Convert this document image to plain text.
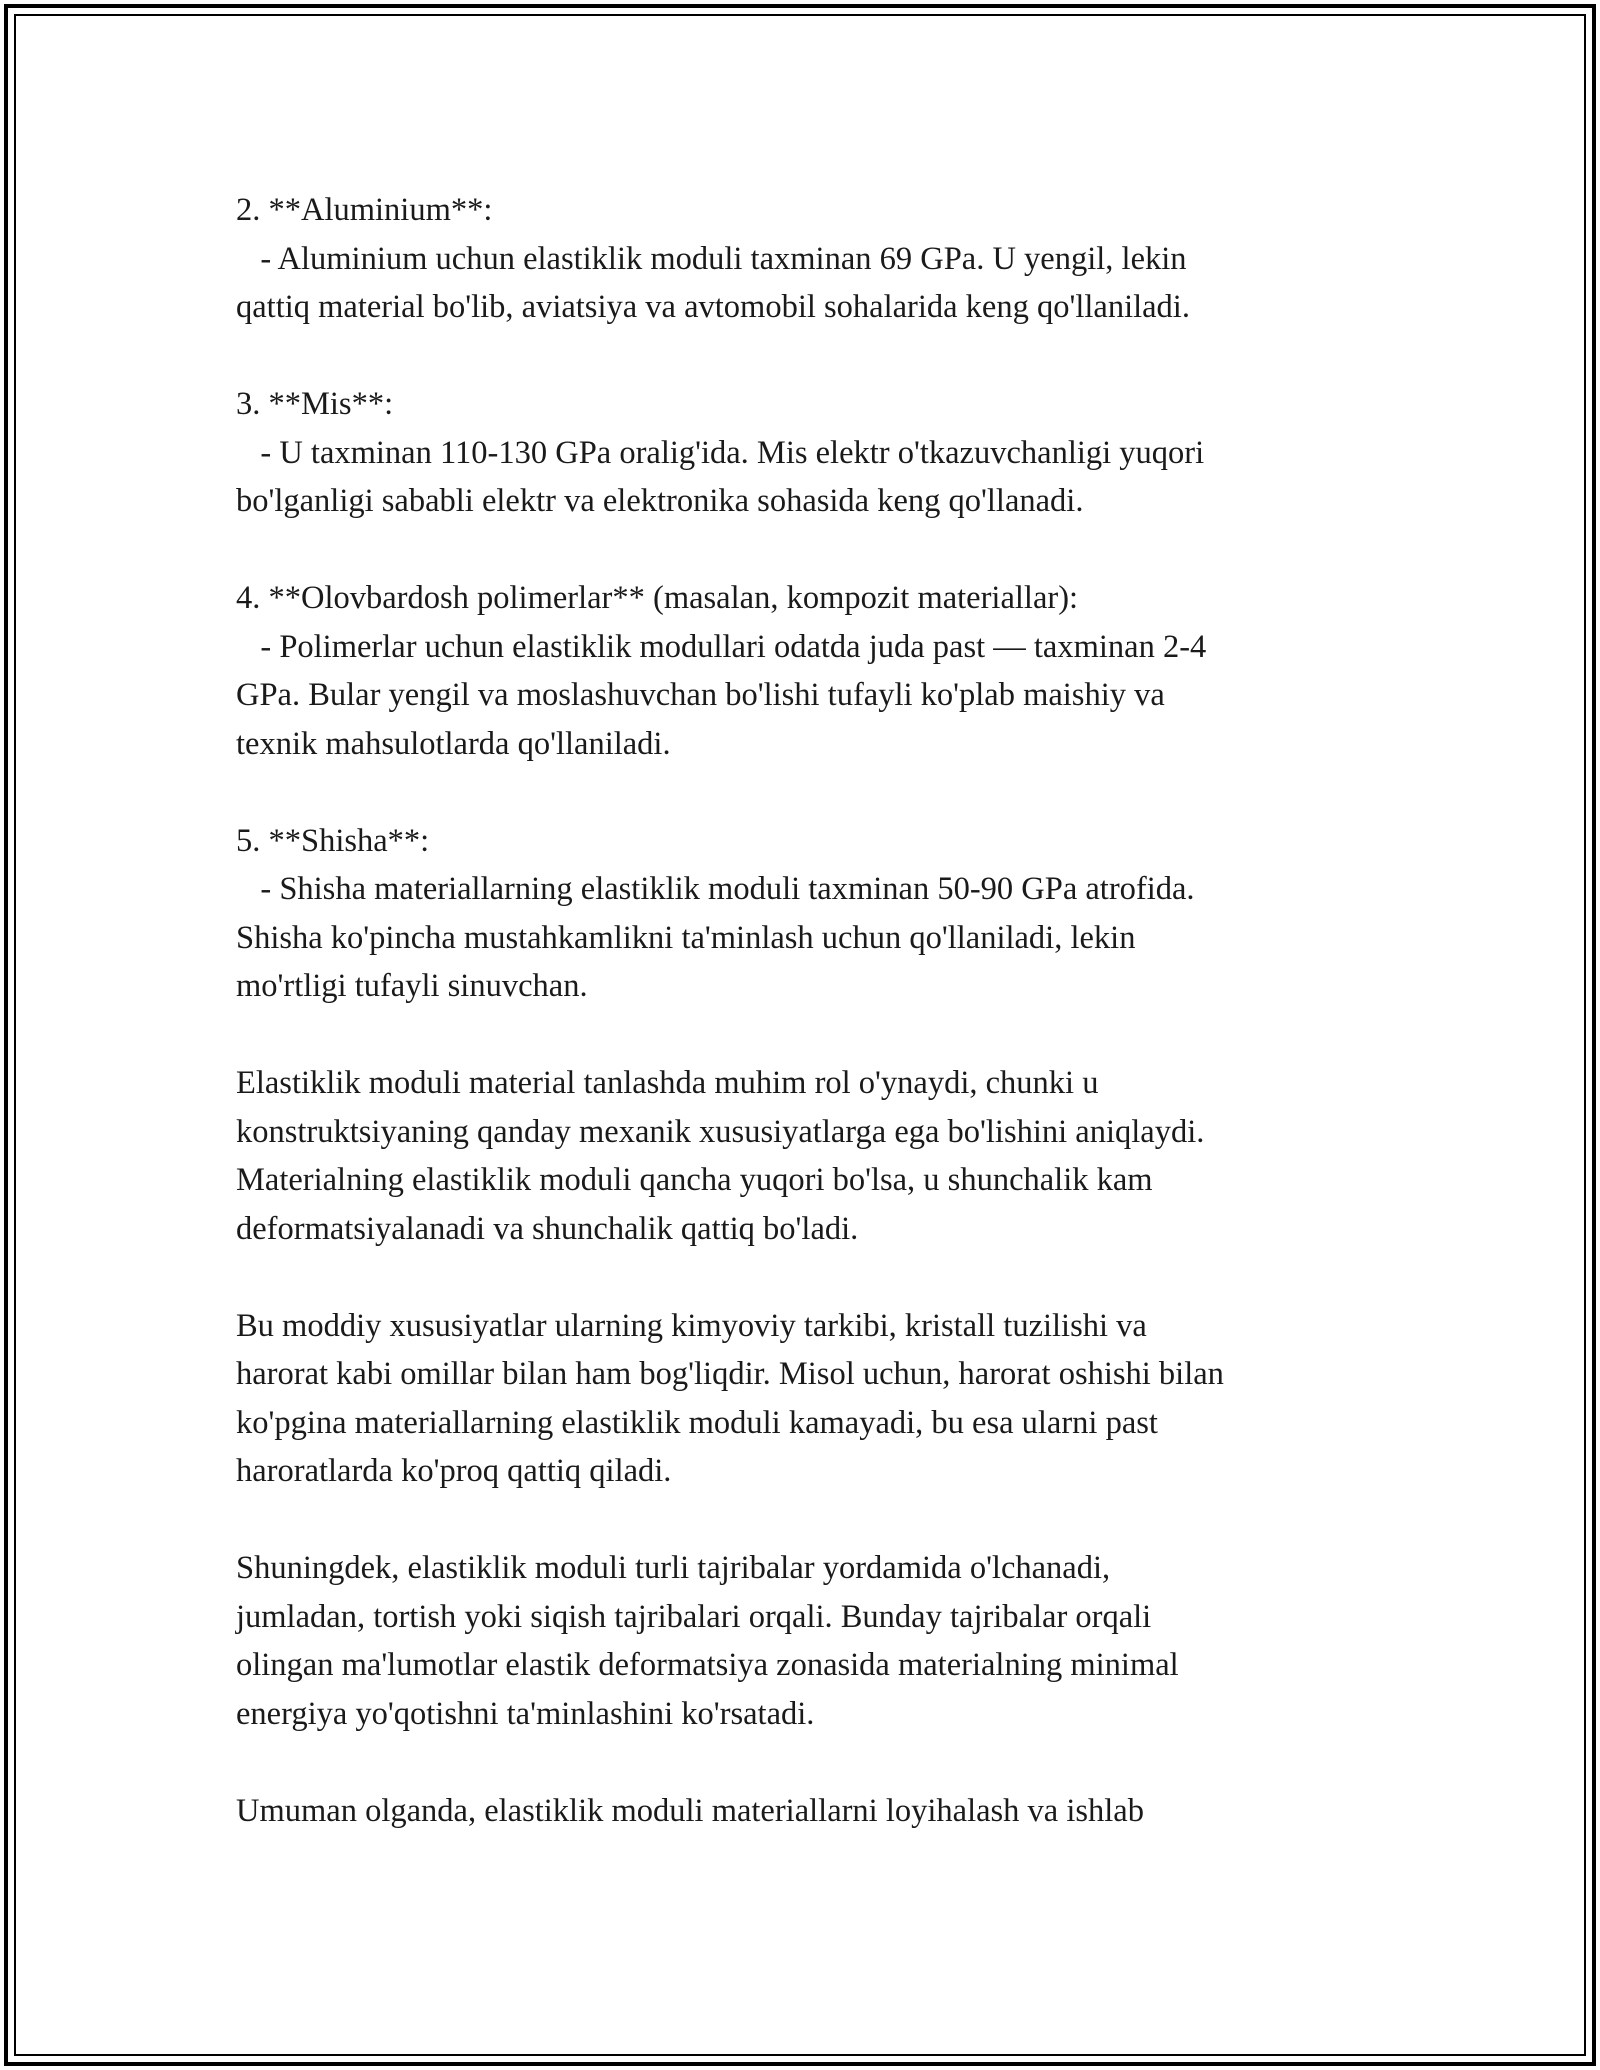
2. **Aluminium**:
- Aluminium uchun elastiklik moduli taxminan 69 GPa. U yengil, lekin
qattiq material bo'lib, aviatsiya va avtomobil sohalarida keng qo'llaniladi.
3. **Mis**:
- U taxminan 110-130 GPa oralig'ida. Mis elektr o'tkazuvchanligi yuqori
bo'lganligi sababli elektr va elektronika sohasida keng qo'llanadi.
4. **Olovbardosh polimerlar** (masalan, kompozit materiallar):
- Polimerlar uchun elastiklik modullari odatda juda past — taxminan 2-4
GPa. Bular yengil va moslashuvchan bo'lishi tufayli ko'plab maishiy va
texnik mahsulotlarda qo'llaniladi.
5. **Shisha**:
- Shisha materiallarning elastiklik moduli taxminan 50-90 GPa atrofida.
Shisha ko'pincha mustahkamlikni ta'minlash uchun qo'llaniladi, lekin
mo'rtligi tufayli sinuvchan.
Elastiklik moduli material tanlashda muhim rol o'ynaydi, chunki u
konstruktsiyaning qanday mexanik xususiyatlarga ega bo'lishini aniqlaydi.
Materialning elastiklik moduli qancha yuqori bo'lsa, u shunchalik kam
deformatsiyalanadi va shunchalik qattiq bo'ladi.
Bu moddiy xususiyatlar ularning kimyoviy tarkibi, kristall tuzilishi va
harorat kabi omillar bilan ham bog'liqdir. Misol uchun, harorat oshishi bilan
ko'pgina materiallarning elastiklik moduli kamayadi, bu esa ularni past
haroratlarda ko'proq qattiq qiladi.
Shuningdek, elastiklik moduli turli tajribalar yordamida o'lchanadi,
jumladan, tortish yoki siqish tajribalari orqali. Bunday tajribalar orqali
olingan ma'lumotlar elastik deformatsiya zonasida materialning minimal
energiya yo'qotishni ta'minlashini ko'rsatadi.
Umuman olganda, elastiklik moduli materiallarni loyihalash va ishlab
